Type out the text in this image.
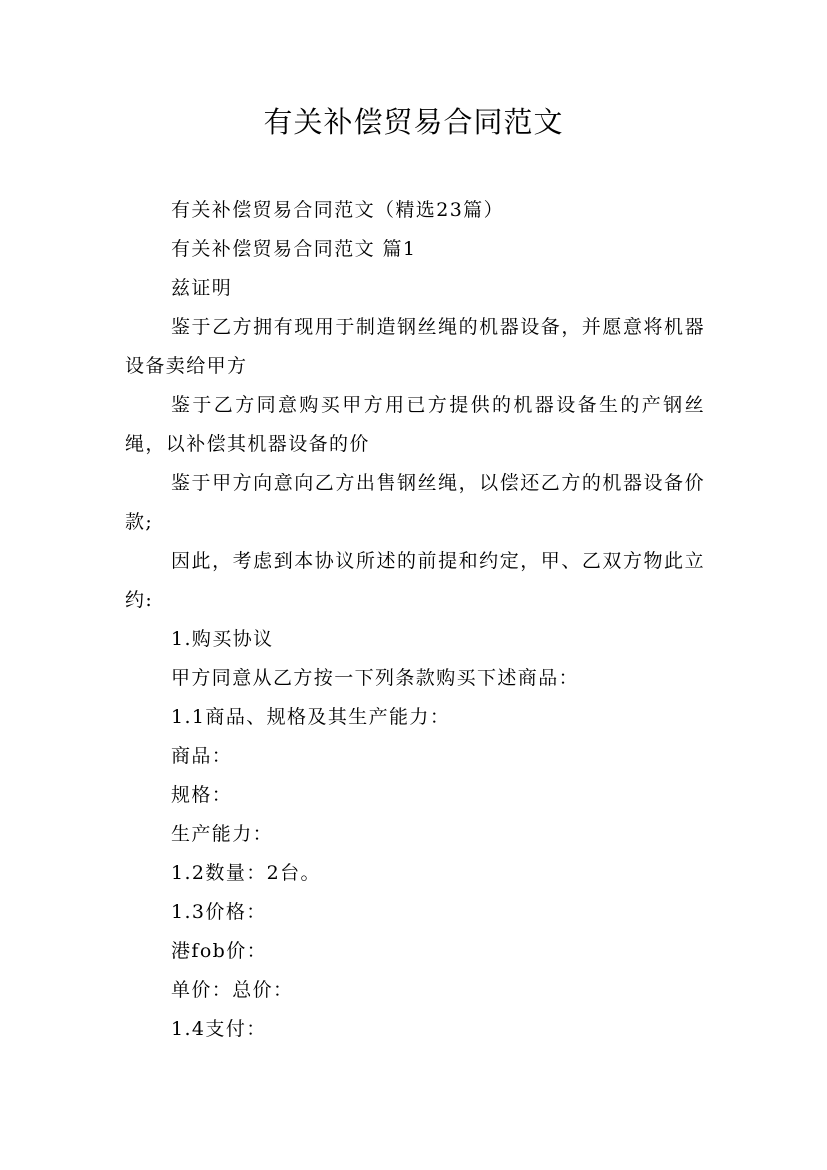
有关补偿贸易合同范文

有关补偿贸易合同范文（精选23篇）

有关补偿贸易合同范文 篇1

兹证明

鉴于乙方拥有现用于制造钢丝绳的机器设备，并愿意将机器设备卖给甲方

鉴于乙方同意购买甲方用已方提供的机器设备生的产钢丝绳，以补偿其机器设备的价

鉴于甲方向意向乙方出售钢丝绳，以偿还乙方的机器设备价款;

因此，考虑到本协议所述的前提和约定，甲、乙双方物此立约:

1.购买协议

甲方同意从乙方按一下列条款购买下述商品：

1.1商品、规格及其生产能力：

商品：

规格：

生产能力：

1.2数量：2台。

1.3价格：

港fob价：

单价：总价：

1.4支付：
